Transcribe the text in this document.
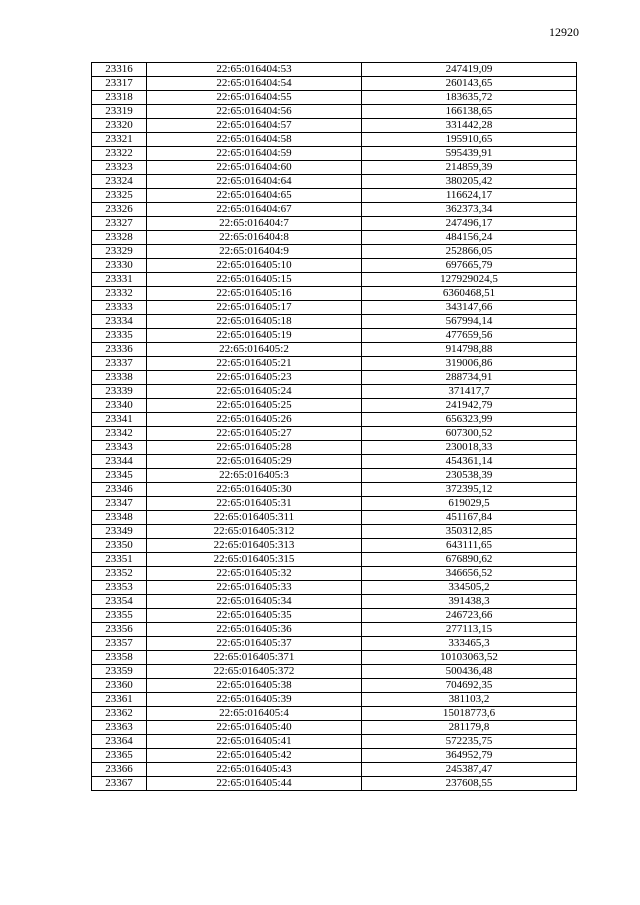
12920
23316	22:65:016404:53	247419,09
23317	22:65:016404:54	260143,65
23318	22:65:016404:55	183635,72
23319	22:65:016404:56	166138,65
23320	22:65:016404:57	331442,28
23321	22:65:016404:58	195910,65
23322	22:65:016404:59	595439,91
23323	22:65:016404:60	214859,39
23324	22:65:016404:64	380205,42
23325	22:65:016404:65	116624,17
23326	22:65:016404:67	362373,34
23327	22:65:016404:7	247496,17
23328	22:65:016404:8	484156,24
23329	22:65:016404:9	252866,05
23330	22:65:016405:10	697665,79
23331	22:65:016405:15	127929024,5
23332	22:65:016405:16	6360468,51
23333	22:65:016405:17	343147,66
23334	22:65:016405:18	567994,14
23335	22:65:016405:19	477659,56
23336	22:65:016405:2	914798,88
23337	22:65:016405:21	319006,86
23338	22:65:016405:23	288734,91
23339	22:65:016405:24	371417,7
23340	22:65:016405:25	241942,79
23341	22:65:016405:26	656323,99
23342	22:65:016405:27	607300,52
23343	22:65:016405:28	230018,33
23344	22:65:016405:29	454361,14
23345	22:65:016405:3	230538,39
23346	22:65:016405:30	372395,12
23347	22:65:016405:31	619029,5
23348	22:65:016405:311	451167,84
23349	22:65:016405:312	350312,85
23350	22:65:016405:313	643111,65
23351	22:65:016405:315	676890,62
23352	22:65:016405:32	346656,52
23353	22:65:016405:33	334505,2
23354	22:65:016405:34	391438,3
23355	22:65:016405:35	246723,66
23356	22:65:016405:36	277113,15
23357	22:65:016405:37	333465,3
23358	22:65:016405:371	10103063,52
23359	22:65:016405:372	500436,48
23360	22:65:016405:38	704692,35
23361	22:65:016405:39	381103,2
23362	22:65:016405:4	15018773,6
23363	22:65:016405:40	281179,8
23364	22:65:016405:41	572235,75
23365	22:65:016405:42	364952,79
23366	22:65:016405:43	245387,47
23367	22:65:016405:44	237608,55
